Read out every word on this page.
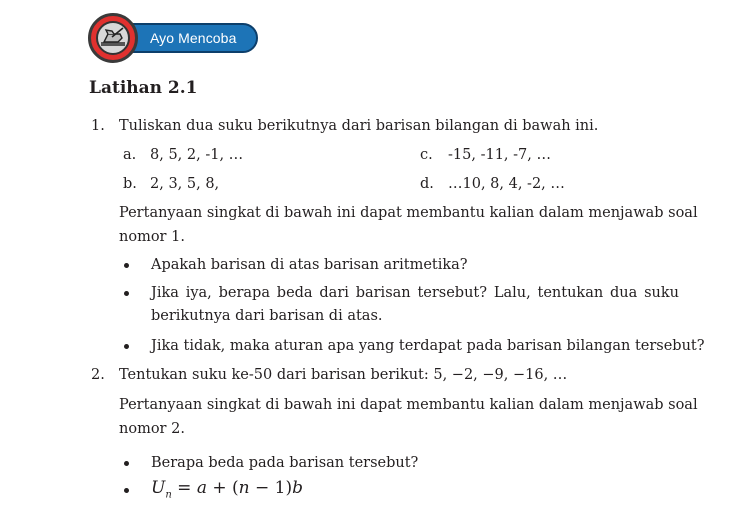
Ayo Mencoba
Latihan 2.1
1. Tuliskan dua suku berikutnya dari barisan bilangan di bawah ini.
a. 8, 5, 2, -1, …	c. -15, -11, -7, …
b. 2, 3, 5, 8,	d. …10, 8, 4, -2, …
Pertanyaan singkat di bawah ini dapat membantu kalian dalam menjawab soal
nomor 1.
Apakah barisan di atas barisan aritmetika?
Jika iya, berapa beda dari barisan tersebut? Lalu, tentukan dua suku
berikutnya dari barisan di atas.
Jika tidak, maka aturan apa yang terdapat pada barisan bilangan tersebut?
2. Tentukan suku ke-50 dari barisan berikut: 5, −2, −9, −16, …
Pertanyaan singkat di bawah ini dapat membantu kalian dalam menjawab soal
nomor 2.
Berapa beda pada barisan tersebut?
$U_n = a + (n - 1)b$
